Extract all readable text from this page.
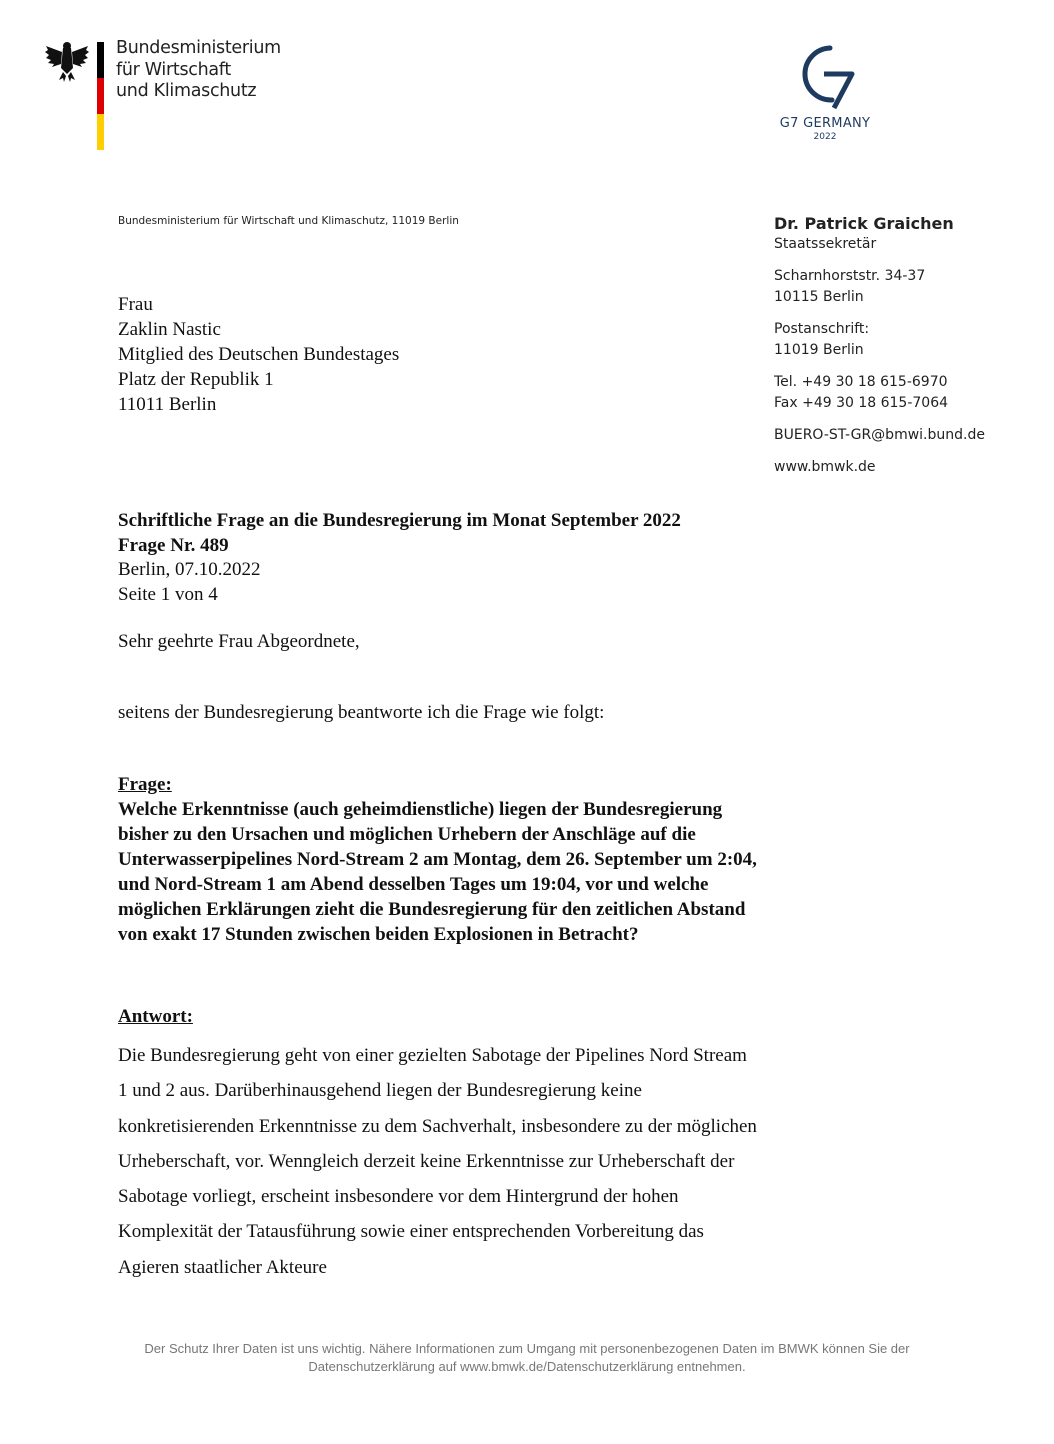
Bundesministerium
für Wirtschaft
und Klimaschutz
G7 GERMANY
2022
Bundesministerium für Wirtschaft und Klimaschutz, 11019 Berlin	Dr. Patrick Graichen
Staatssekretär
Scharnhorststr. 34-37
10115 Berlin
Postanschrift:
11019 Berlin
Tel. +49 30 18 615-6970
Fax +49 30 18 615-7064
BUERO-ST-GR@bmwi.bund.de
www.bmwk.de
Frau
Zaklin Nastic
Mitglied des Deutschen Bundestages
Platz der Republik 1
11011 Berlin
Schriftliche Frage an die Bundesregierung im Monat September 2022
Frage Nr. 489
Berlin, 07.10.2022
Seite 1 von 4
Sehr geehrte Frau Abgeordnete,
seitens der Bundesregierung beantworte ich die Frage wie folgt:
Frage:
Welche Erkenntnisse (auch geheimdienstliche) liegen der Bundesregierung bisher zu den Ursachen und möglichen Urhebern der Anschläge auf die Unterwasserpipelines Nord-Stream 2 am Montag, dem 26. September um 2:04, und Nord-Stream 1 am Abend desselben Tages um 19:04, vor und welche möglichen Erklärungen zieht die Bundesregierung für den zeitlichen Abstand von exakt 17 Stunden zwischen beiden Explosionen in Betracht?
Antwort:
Die Bundesregierung geht von einer gezielten Sabotage der Pipelines Nord Stream 1 und 2 aus. Darüberhinausgehend liegen der Bundesregierung keine konkretisierenden Erkenntnisse zu dem Sachverhalt, insbesondere zu der möglichen Urheberschaft, vor. Wenngleich derzeit keine Erkenntnisse zur Urheberschaft der Sabotage vorliegt, erscheint insbesondere vor dem Hintergrund der hohen Komplexität der Tatausführung sowie einer entsprechenden Vorbereitung das Agieren staatlicher Akteure
Der Schutz Ihrer Daten ist uns wichtig. Nähere Informationen zum Umgang mit personenbezogenen Daten im BMWK können Sie der
Datenschutzerklärung auf www.bmwk.de/Datenschutzerklärung entnehmen.
